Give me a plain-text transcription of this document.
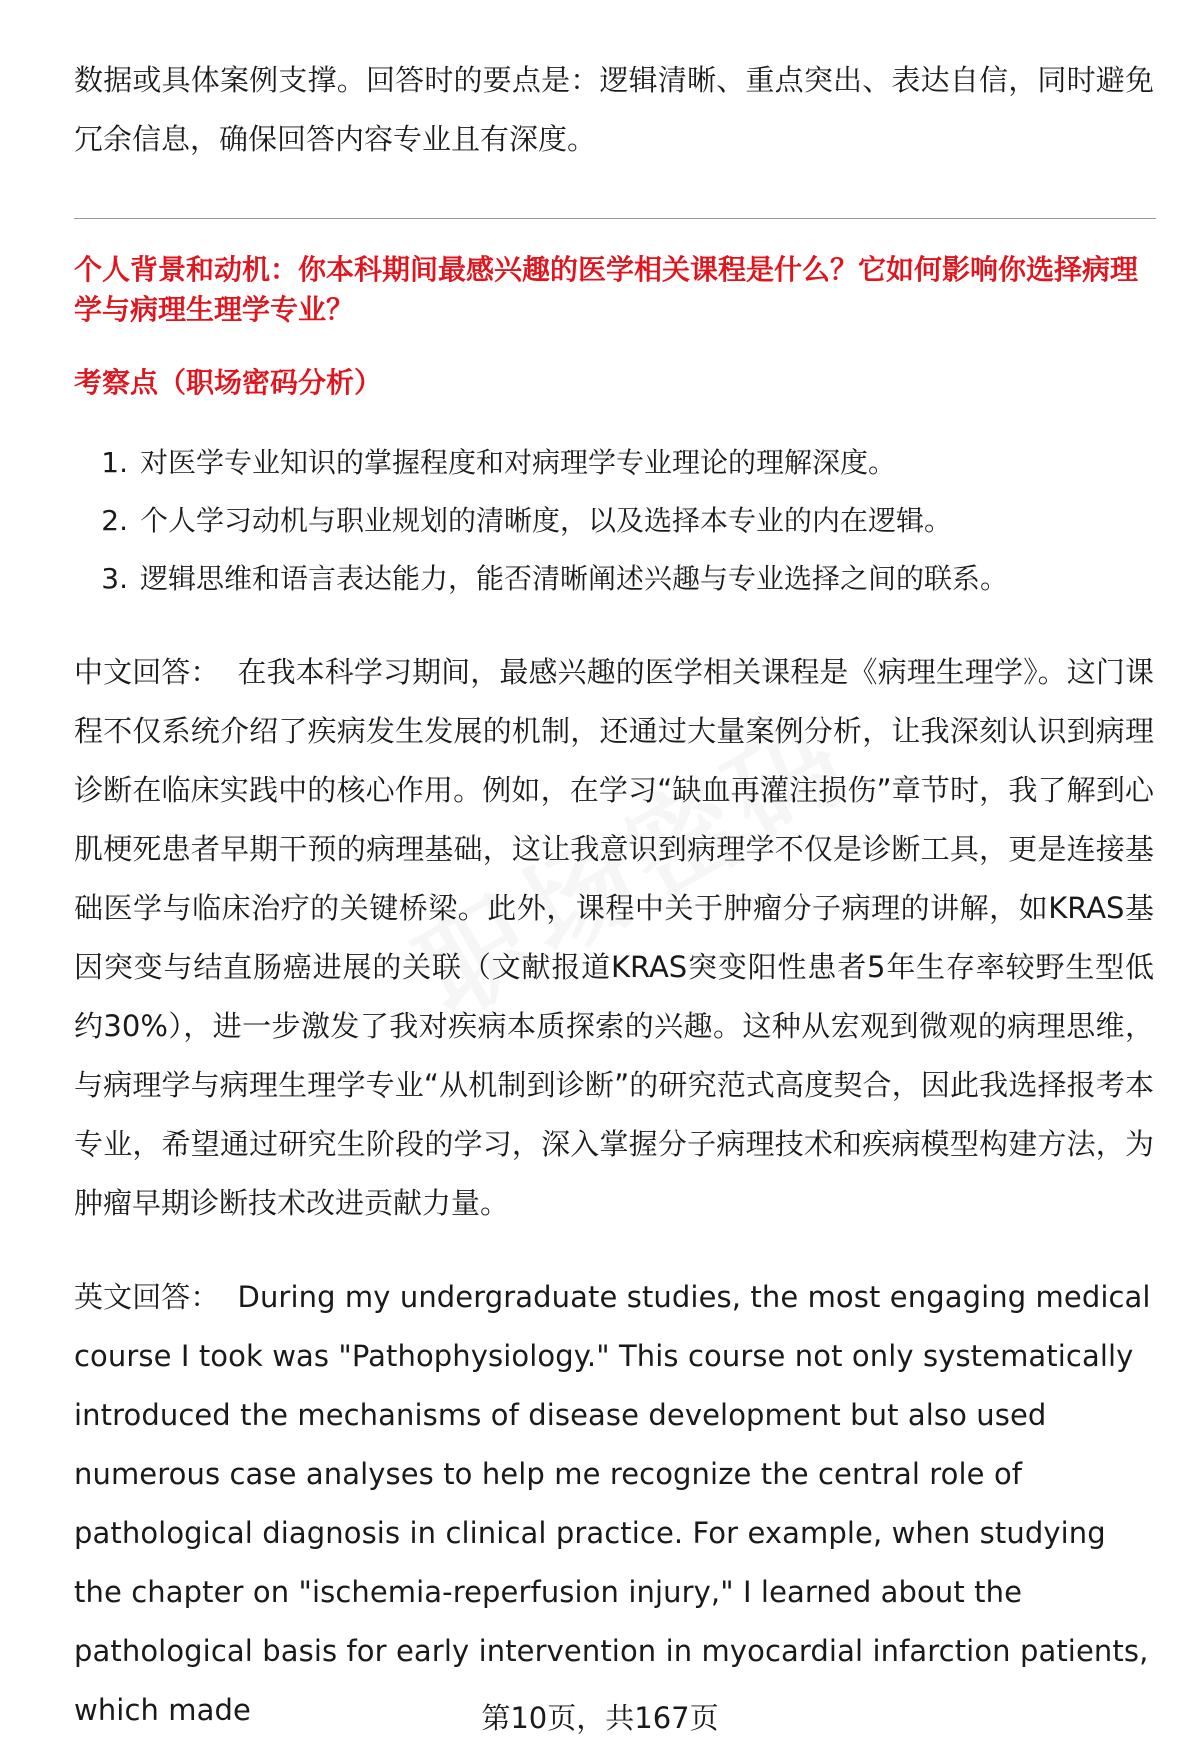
数据或具体案例支撑。回答时的要点是：逻辑清晰、重点突出、表达自信，同时避免冗余信息，确保回答内容专业且有深度。

个人背景和动机：你本科期间最感兴趣的医学相关课程是什么？它如何影响你选择病理学与病理生理学专业？
考察点（职场密码分析）
1. 对医学专业知识的掌握程度和对病理学专业理论的理解深度。
2. 个人学习动机与职业规划的清晰度，以及选择本专业的内在逻辑。
3. 逻辑思维和语言表达能力，能否清晰阐述兴趣与专业选择之间的联系。

中文回答： 在我本科学习期间，最感兴趣的医学相关课程是《病理生理学》。这门课程不仅系统介绍了疾病发生发展的机制，还通过大量案例分析，让我深刻认识到病理诊断在临床实践中的核心作用。例如，在学习“缺血再灌注损伤”章节时，我了解到心肌梗死患者早期干预的病理基础，这让我意识到病理学不仅是诊断工具，更是连接基础医学与临床治疗的关键桥梁。此外，课程中关于肿瘤分子病理的讲解，如KRAS基因突变与结直肠癌进展的关联（文献报道KRAS突变阳性患者5年生存率较野生型低约30%），进一步激发了我对疾病本质探索的兴趣。这种从宏观到微观的病理思维，与病理学与病理生理学专业“从机制到诊断”的研究范式高度契合，因此我选择报考本专业，希望通过研究生阶段的学习，深入掌握分子病理技术和疾病模型构建方法，为肿瘤早期诊断技术改进贡献力量。

英文回答： During my undergraduate studies, the most engaging medical course I took was "Pathophysiology." This course not only systematically introduced the mechanisms of disease development but also used numerous case analyses to help me recognize the central role of pathological diagnosis in clinical practice. For example, when studying the chapter on "ischemia-reperfusion injury," I learned about the pathological basis for early intervention in myocardial infarction patients, which made	第10页，共167页
